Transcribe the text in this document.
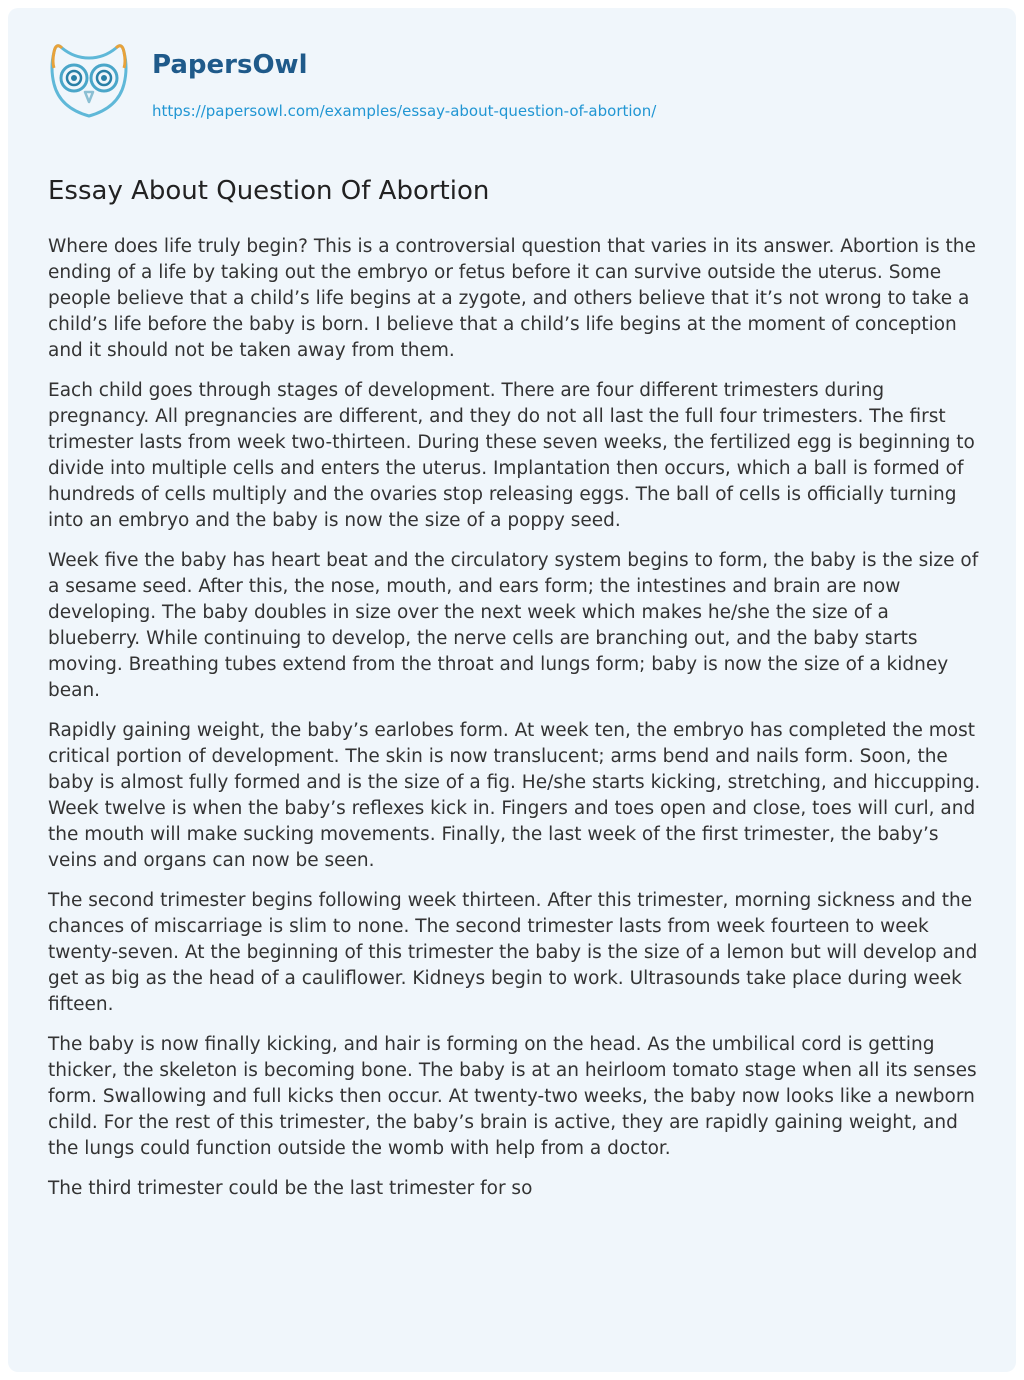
PapersOwl
https://papersowl.com/examples/essay-about-question-of-abortion/
Essay About Question Of Abortion

Where does life truly begin? This is a controversial question that varies in its answer. Abortion is the ending of a life by taking out the embryo or fetus before it can survive outside the uterus. Some people believe that a child’s life begins at a zygote, and others believe that it’s not wrong to take a child’s life before the baby is born. I believe that a child’s life begins at the moment of conception and it should not be taken away from them.

Each child goes through stages of development. There are four different trimesters during pregnancy. All pregnancies are different, and they do not all last the full four trimesters. The first trimester lasts from week two-thirteen. During these seven weeks, the fertilized egg is beginning to divide into multiple cells and enters the uterus. Implantation then occurs, which a ball is formed of hundreds of cells multiply and the ovaries stop releasing eggs. The ball of cells is officially turning into an embryo and the baby is now the size of a poppy seed.

Week five the baby has heart beat and the circulatory system begins to form, the baby is the size of a sesame seed. After this, the nose, mouth, and ears form; the intestines and brain are now developing. The baby doubles in size over the next week which makes he/she the size of a blueberry. While continuing to develop, the nerve cells are branching out, and the baby starts moving. Breathing tubes extend from the throat and lungs form; baby is now the size of a kidney bean.

Rapidly gaining weight, the baby’s earlobes form. At week ten, the embryo has completed the most critical portion of development. The skin is now translucent; arms bend and nails form. Soon, the baby is almost fully formed and is the size of a fig. He/she starts kicking, stretching, and hiccupping. Week twelve is when the baby’s reflexes kick in. Fingers and toes open and close, toes will curl, and the mouth will make sucking movements. Finally, the last week of the first trimester, the baby’s veins and organs can now be seen.

The second trimester begins following week thirteen. After this trimester, morning sickness and the chances of miscarriage is slim to none. The second trimester lasts from week fourteen to week twenty-seven. At the beginning of this trimester the baby is the size of a lemon but will develop and get as big as the head of a cauliflower. Kidneys begin to work. Ultrasounds take place during week fifteen.

The baby is now finally kicking, and hair is forming on the head. As the umbilical cord is getting thicker, the skeleton is becoming bone. The baby is at an heirloom tomato stage when all its senses form. Swallowing and full kicks then occur. At twenty-two weeks, the baby now looks like a newborn child. For the rest of this trimester, the baby’s brain is active, they are rapidly gaining weight, and the lungs could function outside the womb with help from a doctor.

The third trimester could be the last trimester for so
